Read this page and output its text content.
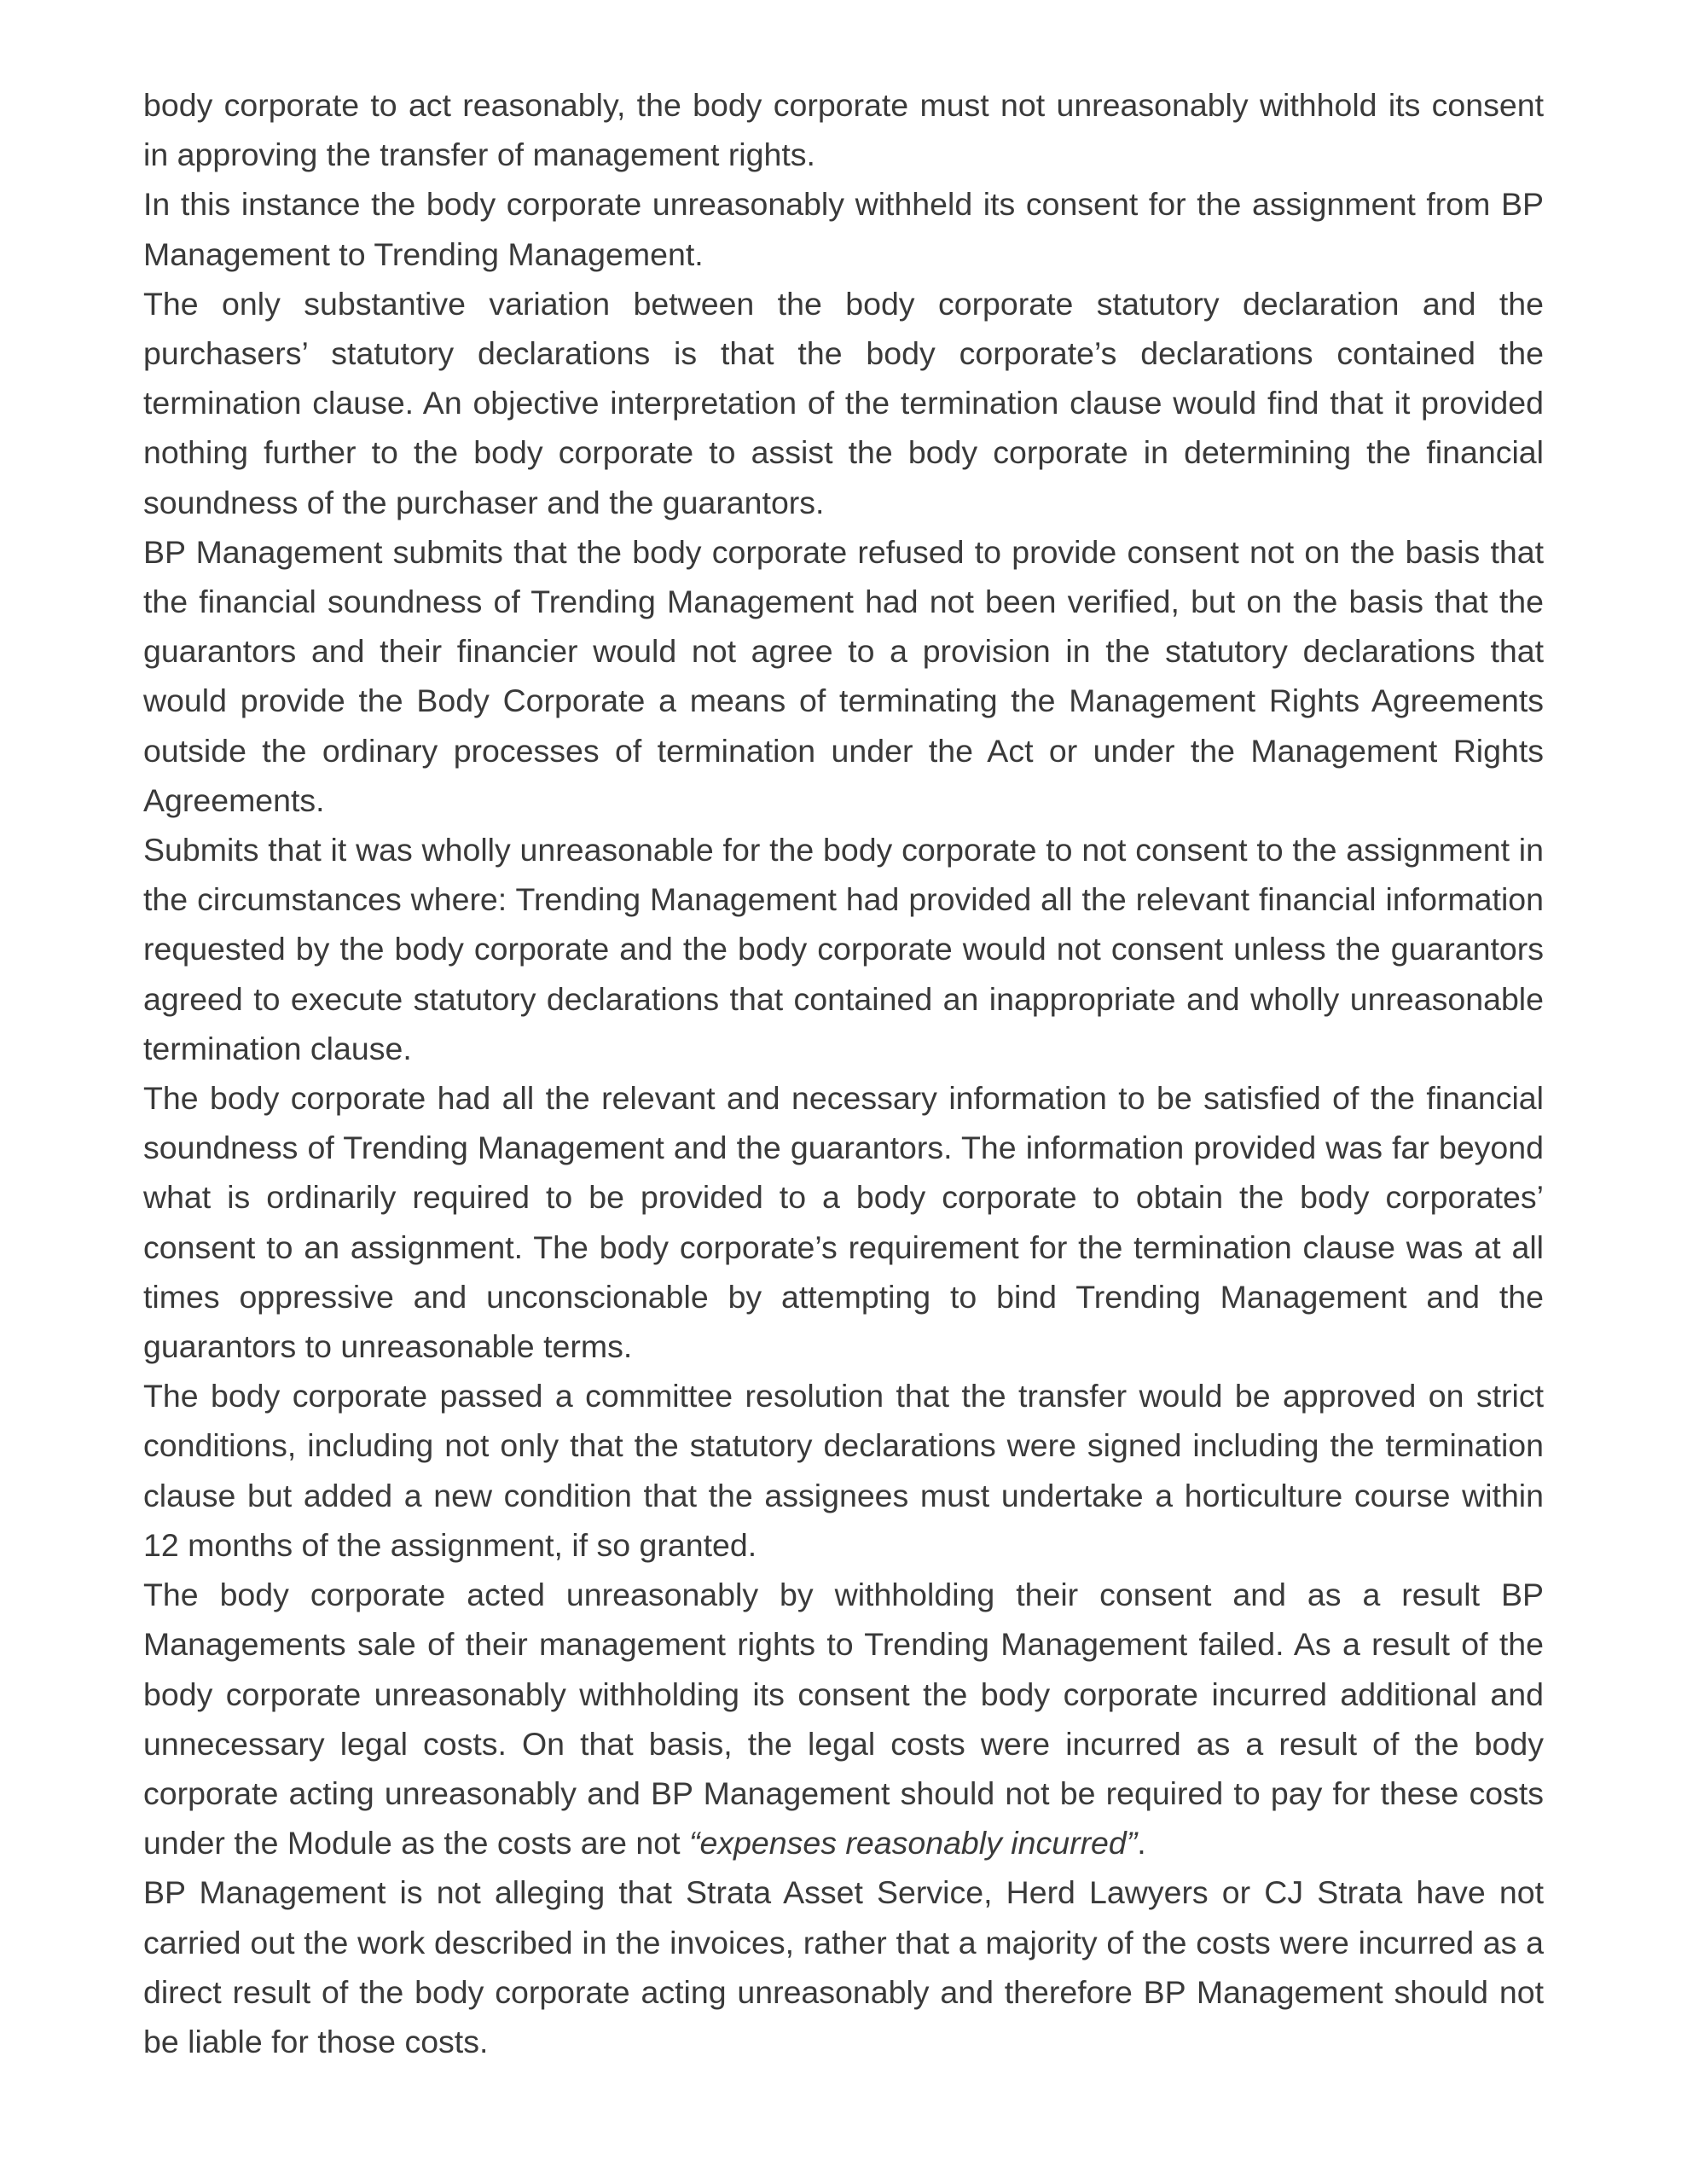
body corporate to act reasonably, the body corporate must not unreasonably withhold its consent in approving the transfer of management rights.

In this instance the body corporate unreasonably withheld its consent for the assignment from BP Management to Trending Management.

The only substantive variation between the body corporate statutory declaration and the purchasers’ statutory declarations is that the body corporate’s declarations contained the termination clause. An objective interpretation of the termination clause would find that it provided nothing further to the body corporate to assist the body corporate in determining the financial soundness of the purchaser and the guarantors.

BP Management submits that the body corporate refused to provide consent not on the basis that the financial soundness of Trending Management had not been verified, but on the basis that the guarantors and their financier would not agree to a provision in the statutory declarations that would provide the Body Corporate a means of terminating the Management Rights Agreements outside the ordinary processes of termination under the Act or under the Management Rights Agreements.

Submits that it was wholly unreasonable for the body corporate to not consent to the assignment in the circumstances where: Trending Management had provided all the relevant financial information requested by the body corporate and the body corporate would not consent unless the guarantors agreed to execute statutory declarations that contained an inappropriate and wholly unreasonable termination clause.

The body corporate had all the relevant and necessary information to be satisfied of the financial soundness of Trending Management and the guarantors. The information provided was far beyond what is ordinarily required to be provided to a body corporate to obtain the body corporates’ consent to an assignment. The body corporate’s requirement for the termination clause was at all times oppressive and unconscionable by attempting to bind Trending Management and the guarantors to unreasonable terms.

The body corporate passed a committee resolution that the transfer would be approved on strict conditions, including not only that the statutory declarations were signed including the termination clause but added a new condition that the assignees must undertake a horticulture course within 12 months of the assignment, if so granted.

The body corporate acted unreasonably by withholding their consent and as a result BP Managements sale of their management rights to Trending Management failed. As a result of the body corporate unreasonably withholding its consent the body corporate incurred additional and unnecessary legal costs. On that basis, the legal costs were incurred as a result of the body corporate acting unreasonably and BP Management should not be required to pay for these costs under the Module as the costs are not “expenses reasonably incurred”.

BP Management is not alleging that Strata Asset Service, Herd Lawyers or CJ Strata have not carried out the work described in the invoices, rather that a majority of the costs were incurred as a direct result of the body corporate acting unreasonably and therefore BP Management should not be liable for those costs.
